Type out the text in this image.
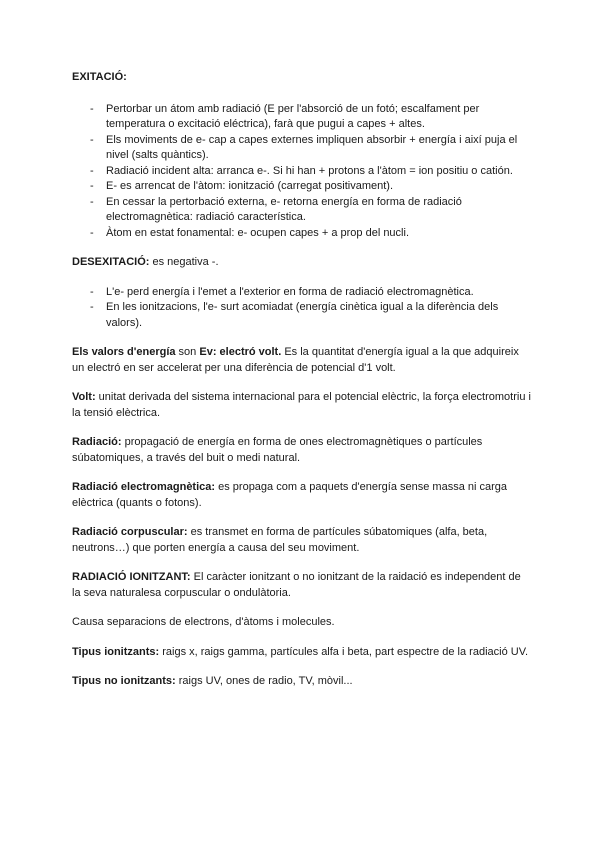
EXITACIÓ:

- Pertorbar un átom amb radiació (E per l'absorció de un fotó; escalfament per temperatura o excitació eléctrica), farà que pugui a capes + altes.
- Els moviments de e- cap a capes externes impliquen absorbir + energía i així puja el nivel (salts quàntics).
- Radiació incident alta: arranca e-. Si hi han + protons a l'àtom = ion positiu o catión.
- E- es arrencat de l'àtom: ionització (carregat positivament).
- En cessar la pertorbació externa, e- retorna energía en forma de radiació electromagnètica: radiació característica.
- Àtom en estat fonamental: e- ocupen capes + a prop del nucli.

DESEXITACIÓ: es negativa -.

- L'e- perd energía i l'emet a l'exterior en forma de radiació electromagnètica.
- En les ionitzacions, l'e- surt acomiadat (energía cinètica igual a la diferència dels valors).

Els valors d'energía son Ev: electró volt. Es la quantitat d'energía igual a la que adquireix un electró en ser accelerat per una diferència de potencial d'1 volt.

Volt: unitat derivada del sistema internacional para el potencial elèctric, la força electromotriu i la tensió elèctrica.

Radiació: propagació de energía en forma de ones electromagnètiques o partícules súbatomiques, a través del buit o medi natural.

Radiació electromagnètica: es propaga com a paquets d'energía sense massa ni carga elèctrica (quants o fotons).

Radiació corpuscular: es transmet en forma de partícules súbatomiques (alfa, beta, neutrons…) que porten energía a causa del seu moviment.

RADIACIÓ IONITZANT: El caràcter ionitzant o no ionitzant de la raidació es independent de la seva naturalesa corpuscular o ondulàtoria.

Causa separacions de electrons, d'àtoms i molecules.

Tipus ionitzants: raigs x, raigs gamma, partícules alfa i beta, part espectre de la radiació UV.

Tipus no ionitzants: raigs UV, ones de radio, TV, mòvil...
